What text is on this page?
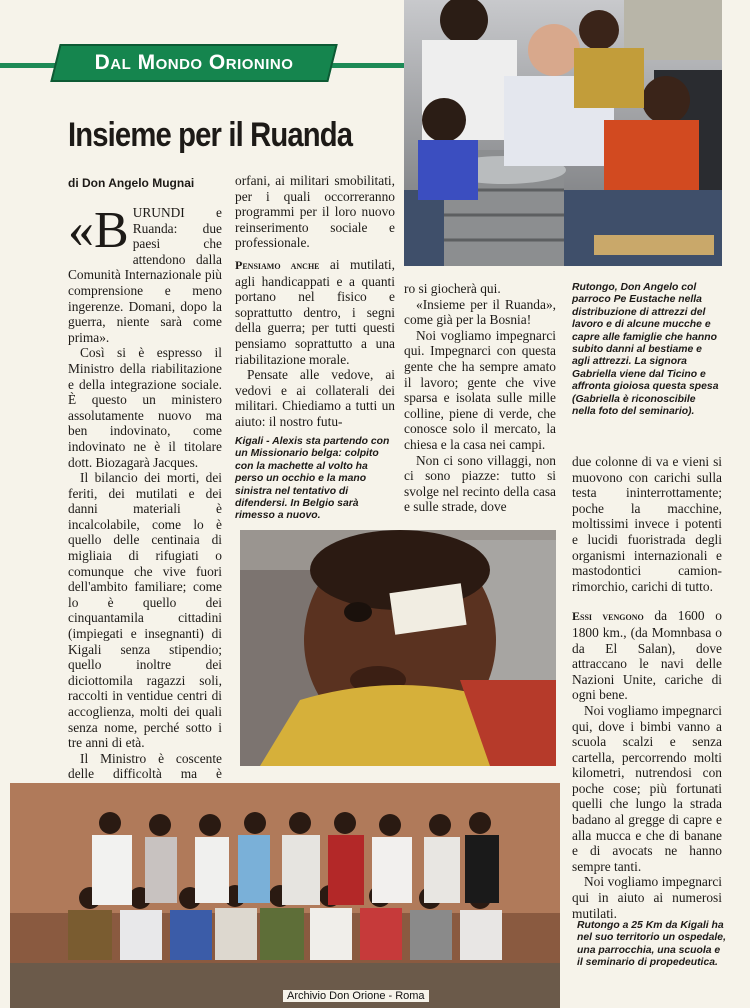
Dal Mondo Orionino
Insieme per il Ruanda
di Don Angelo Mugnai

«B URUNDI e Ruanda: due paesi che attendono dalla Comunità Internazionale più comprensione e meno ingerenze. Domani, dopo la guerra, niente sarà come prima».

Così si è espresso il Ministro della riabilitazione e della integrazione sociale. È questo un ministero assolutamente nuovo ma ben indovinato, come indovinato ne è il titolare dott. Biozagarà Jacques.

Il bilancio dei morti, dei feriti, dei mutilati e dei danni materiali è incalcolabile, come lo è quello delle centinaia di migliaia di rifugiati o comunque che vive fuori dell'ambito familiare; come lo è quello dei cinquantamila cittadini (impiegati e insegnanti) di Kigali senza stipendio; quello inoltre dei diciottomila ragazzi soli, raccolti in ventidue centri di accoglienza, molti dei quali senza nome, perché sotto i tre anni di età.

Il Ministro è coscente delle difficoltà ma è

orfani, ai militari smobilitati, per i quali occorreranno programmi per il loro nuovo reinserimento sociale e professionale.

Pensiamo anche ai mutilati, agli handicappati e a quanti portano nel fisico e soprattutto dentro, i segni della guerra; per tutti questi pensiamo soprattutto a una riabilitazione morale.

Pensate alle vedove, ai vedovi e ai collaterali dei militari. Chiediamo a tutti un aiuto: il nostro futu-

Kigali - Alexis sta partendo con un Missionario belga: colpito con la machette al volto ha perso un occhio e la mano sinistra nel tentativo di difendersi. In Belgio sarà rimesso a nuovo.

ro si giocherà qui.

«Insieme per il Ruanda», come già per la Bosnia!

Noi vogliamo impegnarci qui. Impegnarci con questa gente che ha sempre amato il lavoro; gente che vive sparsa e isolata sulle mille colline, piene di verde, che conosce solo il mercato, la chiesa e la casa nei campi.

Non ci sono villaggi, non ci sono piazze: tutto si svolge nel recinto della casa e sulle strade, dove

Rutongo, Don Angelo col parroco Pe Eustache nella distribuzione di attrezzi del lavoro e di alcune mucche e capre alle famiglie che hanno subito danni al bestiame e agli attrezzi. La signora Gabriella viene dal Ticino e affronta gioiosa questa spesa (Gabriella è riconoscibile nella foto del seminario).

due colonne di va e vieni si muovono con carichi sulla testa ininterrottamente; poche la macchine, moltissimi invece i potenti e lucidi fuoristrada degli organismi internazionali e mastodontici camion-rimorchio, carichi di tutto.

Essi vengono da 1600 o 1800 km., (da Momnbasa o da El Salan), dove attraccano le navi delle Nazioni Unite, cariche di ogni bene.

Noi vogliamo impegnarci qui, dove i bimbi vanno a scuola scalzi e senza cartella, percorrendo molti kilometri, nutrendosi con poche cose; più fortunati quelli che lungo la strada badano al gregge di capre e alla mucca e che di banane e di avocats ne hanno sempre tanti.

Noi vogliamo impegnarci qui in aiuto ai numerosi mutilati.

Rutongo a 25 Km da Kigali ha nel suo territorio un ospedale, una parrocchia, una scuola e il seminario di propedeutica.
Archivio Don Orione - Roma
